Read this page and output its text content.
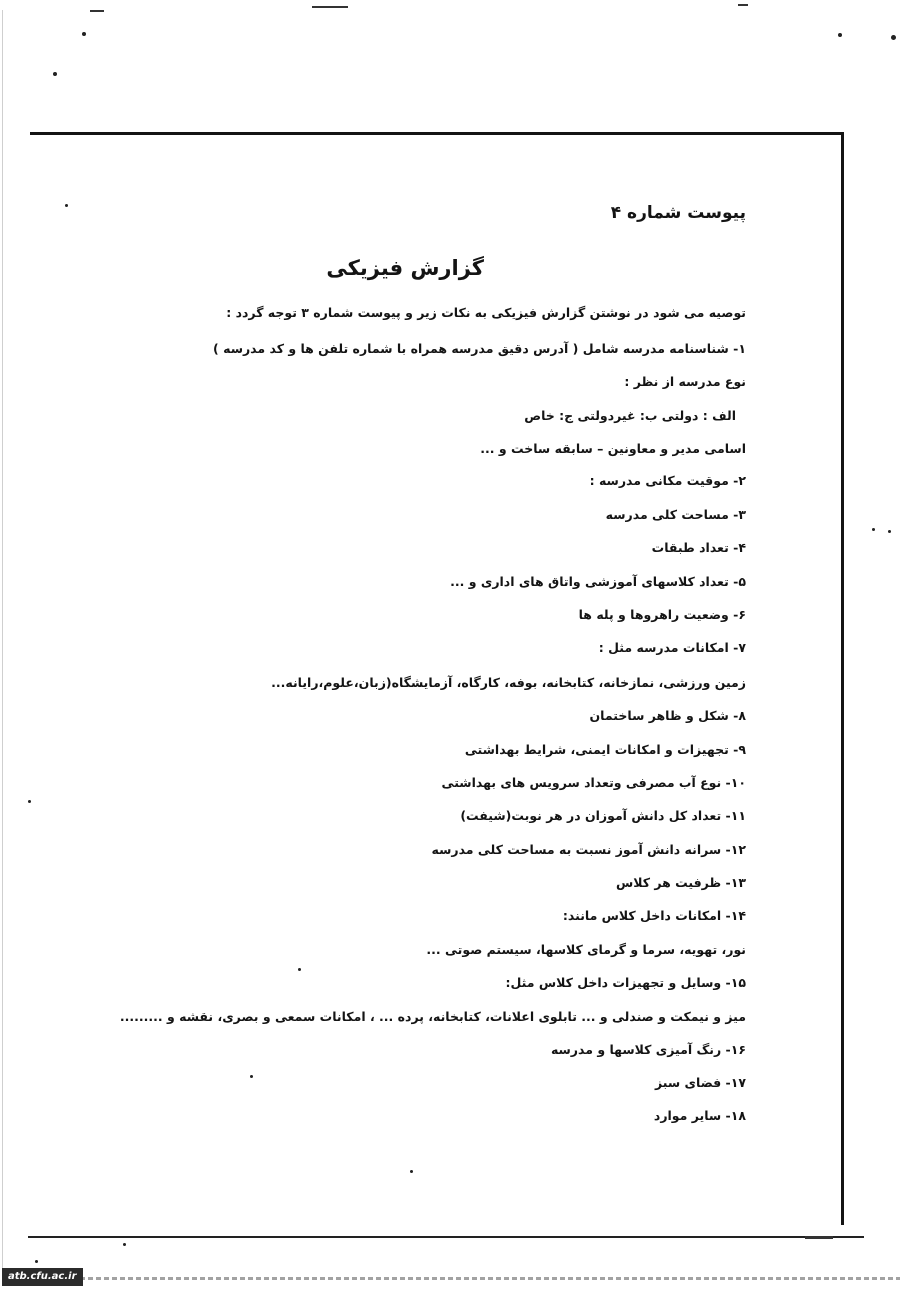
atb.cfu.ac.ir
پیوست شماره ۴
گزارش فیزیکی
توصیه می شود در نوشتن گزارش فیزیکی به نکات زیر و پیوست شماره ۳ توجه گردد :
۱- شناسنامه مدرسه شامل ( آدرس دقیق مدرسه همراه با شماره تلفن ها و کد مدرسه )
نوع مدرسه از نظر :
الف : دولتی ب: غیردولتی ج: خاص
اسامی مدیر و معاونین – سابقه ساخت و ...
۲- موقیت مکانی مدرسه :
۳- مساحت کلی مدرسه
۴- تعداد طبقات
۵- تعداد کلاسهای آموزشی واتاق های اداری و ...
۶- وضعیت راهروها و پله ها
۷- امکانات مدرسه مثل :
زمین ورزشی، نمازخانه، کتابخانه، بوفه، کارگاه، آزمایشگاه(زبان،علوم،رایانه...
۸- شکل و ظاهر ساختمان
۹- تجهیزات و امکانات ایمنی، شرایط بهداشتی
۱۰- نوع آب مصرفی وتعداد سرویس های بهداشتی
۱۱- تعداد کل دانش آموزان در هر نوبت(شیفت)
۱۲- سرانه دانش آموز نسبت به مساحت کلی مدرسه
۱۳- ظرفیت هر کلاس
۱۴- امکانات داخل کلاس مانند:
نور، تهویه، سرما و گرمای کلاسها، سیستم صوتی ...
۱۵- وسایل و تجهیزات داخل کلاس مثل:
میز و نیمکت و صندلی و ... تابلوی اعلانات، کتابخانه، پرده ... ، امکانات سمعی و بصری، نقشه و .........
۱۶- رنگ آمیزی کلاسها و مدرسه
۱۷- فضای سبز
۱۸- سایر موارد
